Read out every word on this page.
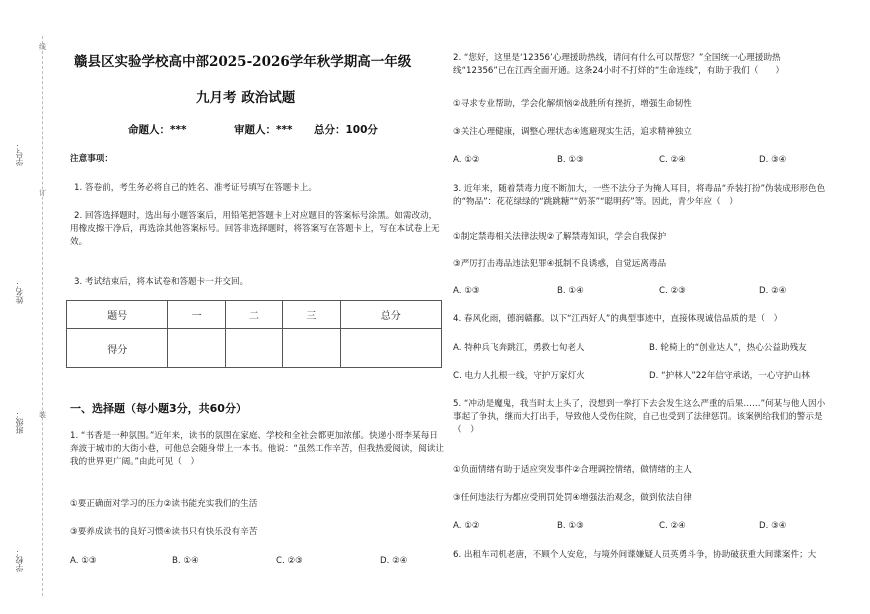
学号：
姓名：
班级：
学校：
线
订
装
赣县区实验学校高中部2025-2026学年秋学期高一年级
九月考 政治试题
命题人：***	审题人：*** 总分：100分
注意事项：
1. 答卷前，考生务必将自己的姓名、准考证号填写在答题卡上。
2. 回答选择题时，选出每小题答案后，用铅笔把答题卡上对应题目的答案标号涂黑。如需改动，用橡皮擦干净后，再选涂其他答案标号。回答非选择题时，将答案写在答题卡上，写在本试卷上无效。
3. 考试结束后，将本试卷和答题卡一并交回。
题号	一	二	三	总分
得分				
一、选择题（每小题3分，共60分）
1. “书香是一种氛围。”近年来，读书的氛围在家庭、学校和全社会都更加浓郁。快递小哥李某每日奔波于城市的大街小巷，可他总会随身带上一本书。他说：“虽然工作辛苦，但我热爱阅读，阅读让我的世界更广阔。”由此可见（　）
①要正确面对学习的压力②读书能充实我们的生活
③要养成读书的良好习惯④读书只有快乐没有辛苦
A. ①③	B. ①④	C. ②③	D. ②④
2. “您好，这里是‘12356’心理援助热线，请问有什么可以帮您？”全国统一心理援助热线“12356”已在江西全面开通。这条24小时不打烊的“生命连线”，有助于我们（　　）
①寻求专业帮助，学会化解烦恼②战胜所有挫折，增强生命韧性
③关注心理健康，调整心理状态④逃避现实生活，追求精神独立
A. ①②	B. ①③	C. ②④	D. ③④
3. 近年来，随着禁毒力度不断加大，一些不法分子为掩人耳目，将毒品“乔装打扮”伪装成形形色色的“物品”：花花绿绿的“跳跳糖”“奶茶”“聪明药”等。因此，青少年应（　）
①制定禁毒相关法律法规②了解禁毒知识，学会自我保护
③严厉打击毒品违法犯罪④抵制不良诱惑，自觉远离毒品
A. ①③	B. ①④	C. ②③	D. ②④
4. 春风化雨，德润赣鄱。以下“江西好人”的典型事迹中，直接体现诚信品质的是（　）
A. 特种兵飞奔跳江，勇救七旬老人	B. 轮椅上的“创业达人”，热心公益助残友
C. 电力人扎根一线，守护万家灯火	D. “护林人”22年信守承诺，一心守护山林
5. “冲动是魔鬼，我当时太上头了，没想到一拳打下去会发生这么严重的后果……”何某与他人因小事起了争执，继而大打出手，导致他人受伤住院，自己也受到了法律惩罚。该案例给我们的警示是（　）
①负面情绪有助于适应突发事件②合理调控情绪，做情绪的主人
③任何违法行为都应受刑罚处罚④增强法治观念，做到依法自律
A. ①②	B. ①③	C. ②④	D. ③④
6. 出租车司机老唐，不顾个人安危，与境外间谍嫌疑人员英勇斗争，协助破获重大间谍案件；大
